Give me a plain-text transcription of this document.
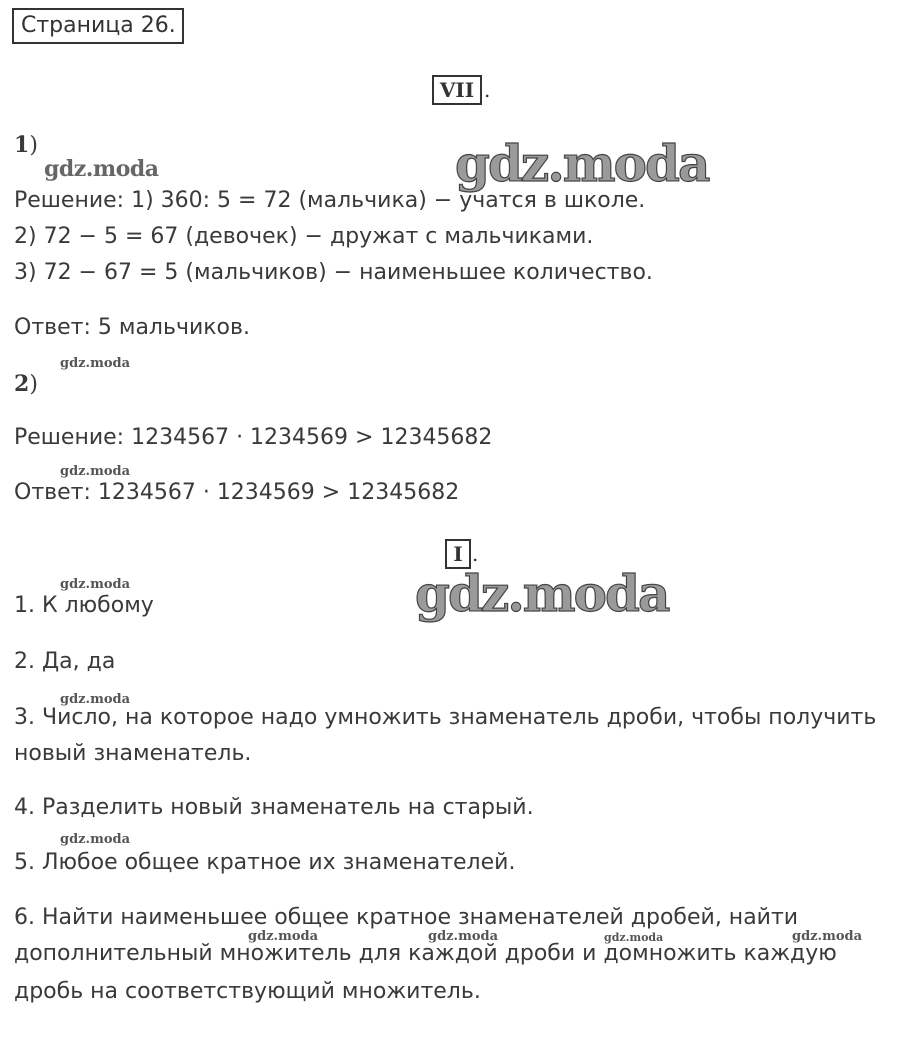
Страница 26.
VII .
1)
gdz.moda	gdz.moda
Решение: 1) 360: 5 = 72 (мальчика) − учатся в школе.
2) 72 − 5 = 67 (девочек) − дружат с мальчиками.
3) 72 − 67 = 5 (мальчиков) − наименьшее количество.
Ответ: 5 мальчиков.
gdz.moda
2)
Решение: 1234567 · 1234569 > 12345682
gdz.moda
Ответ: 1234567 · 1234569 > 12345682
I .
gdz.moda	gdz.moda
1. К любому
2. Да, да
gdz.moda
3. Число, на которое надо умножить знаменатель дроби, чтобы получить
новый знаменатель.
4. Разделить новый знаменатель на старый.
gdz.moda
5. Любое общее кратное их знаменателей.
6. Найти наименьшее общее кратное знаменателей дробей, найти
gdz.moda	gdz.moda	gdz.moda	gdz.moda
дополнительный множитель для каждой дроби и домножить каждую
дробь на соответствующий множитель.
